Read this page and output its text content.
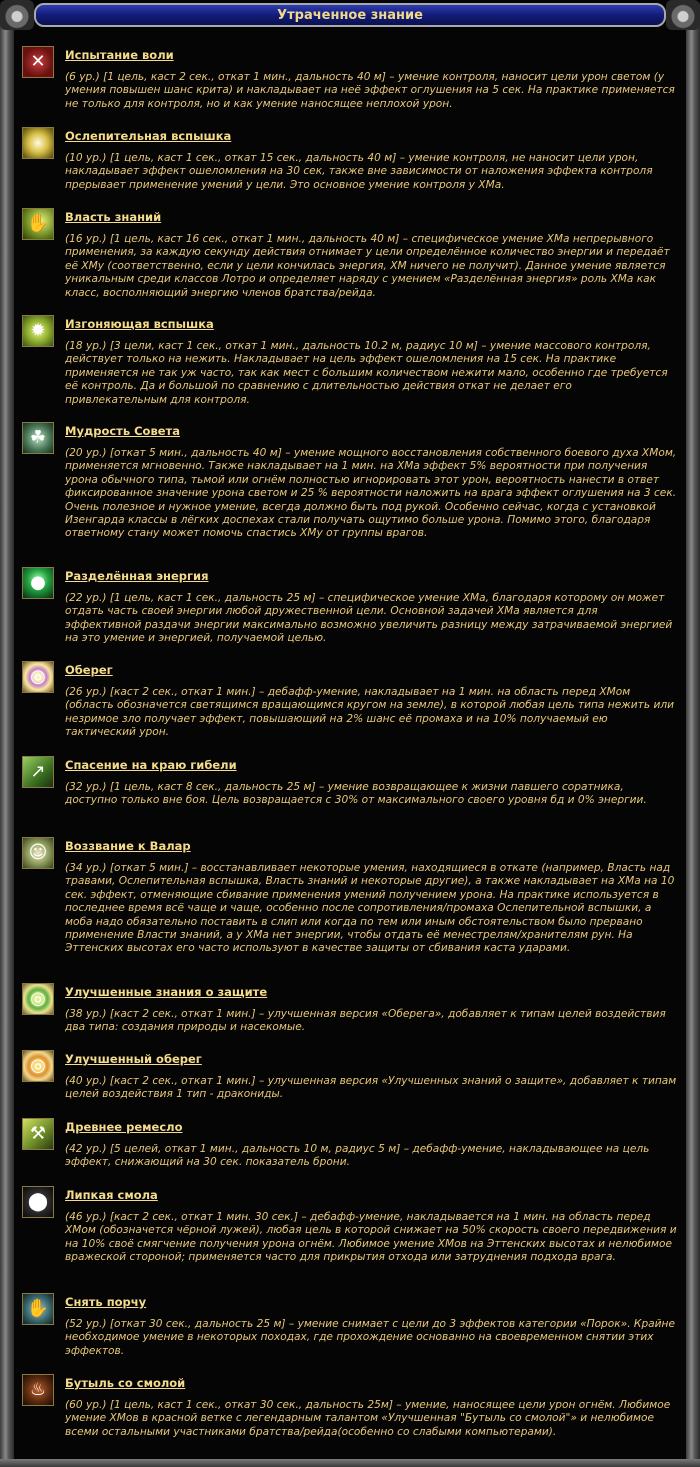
Утраченное знание
✕	Испытание воли
(6 ур.) [1 цель, каст 2 сек., откат 1 мин., дальность 40 м] – умение контроля, наносит цели урон светом (у умения повышен шанс крита) и накладывает на неё эффект оглушения на 5 сек. На практике применяется не только для контроля, но и как умение наносящее неплохой урон.
Ослепительная вспышка
(10 ур.) [1 цель, каст 1 сек., откат 15 сек., дальность 40 м] – умение контроля, не наносит цели урон, накладывает эффект ошеломления на 30 сек, также вне зависимости от наложения эффекта контроля прерывает применение умений у цели. Это основное умение контроля у ХМа.
✋	Власть знаний
(16 ур.) [1 цель, каст 16 сек., откат 1 мин., дальность 40 м] – специфическое умение ХМа непрерывного применения, за каждую секунду действия отнимает у цели определённое количество энергии и передаёт её ХМу (соответственно, если у цели кончилась энергия, ХМ ничего не получит). Данное умение является уникальным среди классов Лотро и определяет наряду с умением «Разделённая энергия» роль ХМа как класс, восполняющий энергию членов братства/рейда.
✹	Изгоняющая вспышка
(18 ур.) [3 цели, каст 1 сек., откат 1 мин., дальность 10.2 м, радиус 10 м] – умение массового контроля, действует только на нежить. Накладывает на цель эффект ошеломления на 15 сек. На практике применяется не так уж часто, так как мест с большим количеством нежити мало, особенно где требуется её контроль. Да и большой по сравнению с длительностью действия откат не делает его привлекательным для контроля.
☘	Мудрость Совета
(20 ур.) [откат 5 мин., дальность 40 м] – умение мощного восстановления собственного боевого духа ХМом, применяется мгновенно. Также накладывает на 1 мин. на ХМа эффект 5% вероятности при получения урона обычного типа, тьмой или огнём полностью игнорировать этот урон, вероятность нанести в ответ фиксированное значение урона светом и 25 % вероятности наложить на врага эффект оглушения на 3 сек. Очень полезное и нужное умение, всегда должно быть под рукой. Особенно сейчас, когда с установкой Изенгарда классы в лёгких доспехах стали получать ощутимо больше урона. Помимо этого, благодаря ответному стану может помочь спастись ХМу от группы врагов.
●	Разделённая энергия
(22 ур.) [1 цель, каст 1 сек., дальность 25 м] – специфическое умение ХМа, благодаря которому он может отдать часть своей энергии любой дружественной цели. Основной задачей ХМа является для эффективной раздачи энергии максимально возможно увеличить разницу между затрачиваемой энергией на это умение и энергией, получаемой целью.
◎	Оберег
(26 ур.) [каст 2 сек., откат 1 мин.] – дебафф-умение, накладывает на 1 мин. на область перед ХМом (область обозначется светящимся вращающимся кругом на земле), в которой любая цель типа нежить или незримое зло получает эффект, повышающий на 2% шанс её промаха и на 10% получаемый ею тактический урон.
↗	Спасение на краю гибели
(32 ур.) [1 цель, каст 8 сек., дальность 25 м] – умение возвращающее к жизни павшего соратника, доступно только вне боя. Цель возвращается с 30% от максимального своего уровня бд и 0% энергии.
☺	Воззвание к Валар
(34 ур.) [откат 5 мин.] – восстанавливает некоторые умения, находящиеся в откате (например, Власть над травами, Ослепительная вспышка, Власть знаний и некоторые другие), а также накладывает на ХМа на 10 сек. эффект, отменяющие сбивание применения умений получением урона. На практике используется в последнее время всё чаще и чаще, особенно после сопротивления/промаха Ослепительной вспышки, а моба надо обязательно поставить в слип или когда по тем или иным обстоятельством было прервано применение Власти знаний, а у ХМа нет энергии, чтобы отдать её менестрелям/хранителям рун. На Эттенских высотах его часто используют в качестве защиты от сбивания каста ударами.
◎	Улучшенные знания о защите
(38 ур.) [каст 2 сек., откат 1 мин.] – улучшенная версия «Оберега», добавляет к типам целей воздействия два типа: создания природы и насекомые.
◎	Улучшенный оберег
(40 ур.) [каст 2 сек., откат 1 мин.] – улучшенная версия «Улучшенных знаний о защите», добавляет к типам целей воздействия 1 тип - дракониды.
⚒	Древнее ремесло
(42 ур.) [5 целей, откат 1 мин., дальность 10 м, радиус 5 м] – дебафф-умение, накладывающее на цель эффект, снижающий на 30 сек. показатель брони.
⬤	Липкая смола
(46 ур.) [каст 2 сек., откат 1 мин. 30 сек.] – дебафф-умение, накладывается на 1 мин. на область перед ХМом (обозначется чёрной лужей), любая цель в которой снижает на 50% скорость своего передвижения и на 10% своё смягчение получения урона огнём. Любимое умение ХМов на Эттенских высотах и нелюбимое вражеской стороной; применяется часто для прикрытия отхода или затруднения подхода врага.
✋	Снять порчу
(52 ур.) [откат 30 сек., дальность 25 м] – умение снимает с цели до 3 эффектов категории «Порок». Крайне необходимое умение в некоторых походах, где прохождение основанно на своевременном снятии этих эффектов.
♨	Бутыль со смолой
(60 ур.) [1 цель, каст 1 сек., откат 30 сек., дальность 25м] – умение, наносящее цели урон огнём. Любимое умение ХМов в красной ветке с легендарным талантом «Улучшенная "Бутыль со смолой"» и нелюбимое всеми остальными участниками братства/рейда(особенно со слабыми компьютерами).
